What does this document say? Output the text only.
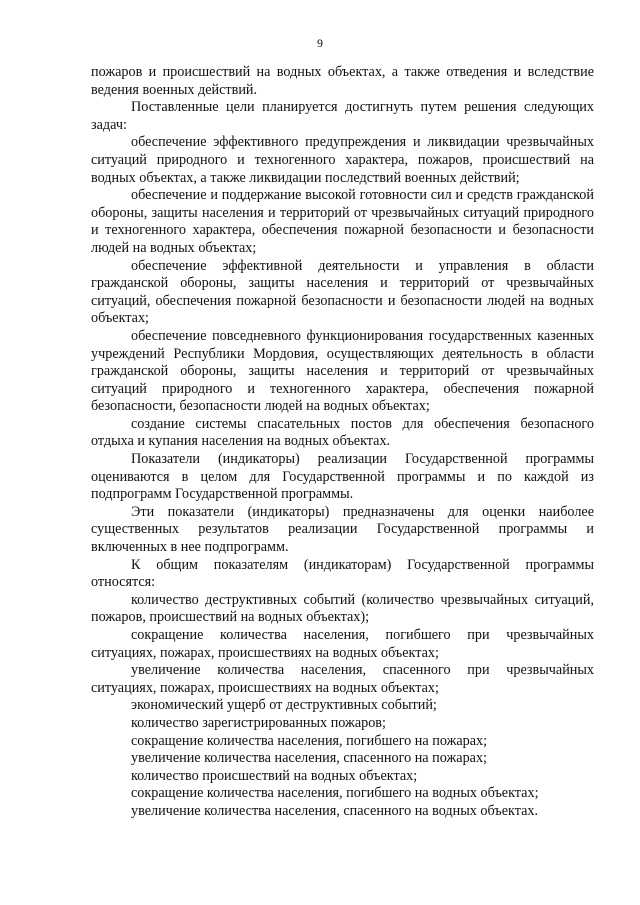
9

пожаров и происшествий на водных объектах, а также отведения и вследствие ведения военных действий.

Поставленные цели планируется достигнуть путем решения следующих задач:

обеспечение эффективного предупреждения и ликвидации чрезвычайных ситуаций природного и техногенного характера, пожаров, происшествий на водных объектах, а также ликвидации последствий военных действий;

обеспечение и поддержание высокой готовности сил и средств гражданской обороны, защиты населения и территорий от чрезвычайных ситуаций природного и техногенного характера, обеспечения пожарной безопасности и безопасности людей на водных объектах;

обеспечение эффективной деятельности и управления в области гражданской обороны, защиты населения и территорий от чрезвычайных ситуаций, обеспечения пожарной безопасности и безопасности людей на водных объектах;

обеспечение повседневного функционирования государственных казенных учреждений Республики Мордовия, осуществляющих деятельность в области гражданской обороны, защиты населения и территорий от чрезвычайных ситуаций природного и техногенного характера, обеспечения пожарной безопасности, безопасности людей на водных объектах;

создание системы спасательных постов для обеспечения безопасного отдыха и купания населения на водных объектах.

Показатели (индикаторы) реализации Государственной программы оцениваются в целом для Государственной программы и по каждой из подпрограмм Государственной программы.

Эти показатели (индикаторы) предназначены для оценки наиболее существенных результатов реализации Государственной программы и включенных в нее подпрограмм.

К общим показателям (индикаторам) Государственной программы относятся:

количество деструктивных событий (количество чрезвычайных ситуаций, пожаров, происшествий на водных объектах);

сокращение количества населения, погибшего при чрезвычайных ситуациях, пожарах, происшествиях на водных объектах;

увеличение количества населения, спасенного при чрезвычайных ситуациях, пожарах, происшествиях на водных объектах;

экономический ущерб от деструктивных событий;

количество зарегистрированных пожаров;

сокращение количества населения, погибшего на пожарах;

увеличение количества населения, спасенного на пожарах;

количество происшествий на водных объектах;

сокращение количества населения, погибшего на водных объектах;

увеличение количества населения, спасенного на водных объектах.
